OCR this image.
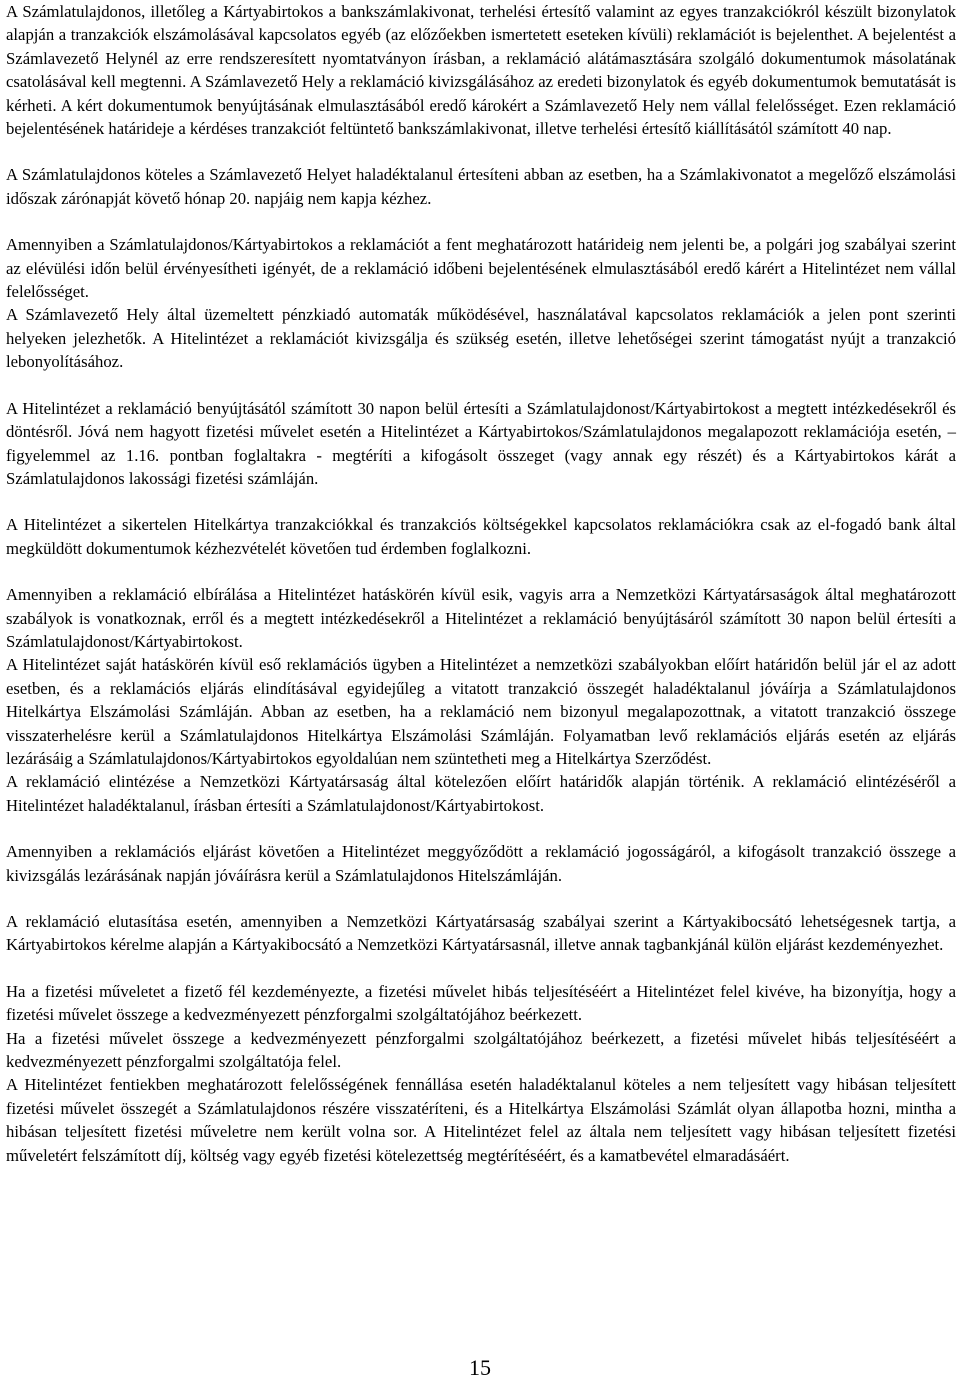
A Számlatulajdonos, illetőleg a Kártyabirtokos a bankszámlakivonat, terhelési értesítő valamint az egyes tranzakciókról készült bizonylatok alapján a tranzakciók elszámolásával kapcsolatos egyéb (az előzőekben ismertetett eseteken kívüli) reklamációt is bejelenthet. A bejelentést a Számlavezető Helynél az erre rendszeresített nyomtatványon írásban, a reklamáció alátámasztására szolgáló dokumentumok másolatának csatolásával kell megtenni. A Számlavezető Hely a reklamáció kivizsgálásához az eredeti bizonylatok és egyéb dokumentumok bemutatását is kérheti. A kért dokumentumok benyújtásának elmulasztásából eredő károkért a Számlavezető Hely nem vállal felelősséget. Ezen reklamáció bejelentésének határideje a kérdéses tranzakciót feltüntető bankszámlakivonat, illetve terhelési értesítő kiállításától számított 40 nap.

A Számlatulajdonos köteles a Számlavezető Helyet haladéktalanul értesíteni abban az esetben, ha a Számlakivonatot a megelőző elszámolási időszak zárónapját követő hónap 20. napjáig nem kapja kézhez.

Amennyiben a Számlatulajdonos/Kártyabirtokos a reklamációt a fent meghatározott határideig nem jelenti be, a polgári jog szabályai szerint az elévülési időn belül érvényesítheti igényét, de a reklamáció időbeni bejelentésének elmulasztásából eredő kárért a Hitelintézet nem vállal felelősséget.

A Számlavezető Hely által üzemeltett pénzkiadó automaták működésével, használatával kapcsolatos reklamációk a jelen pont szerinti helyeken jelezhetők. A Hitelintézet a reklamációt kivizsgálja és szükség esetén, illetve lehetőségei szerint támogatást nyújt a tranzakció lebonyolításához.

A Hitelintézet a reklamáció benyújtásától számított 30 napon belül értesíti a Számlatulajdonost/Kártyabirtokost a megtett intézkedésekről és döntésről. Jóvá nem hagyott fizetési művelet esetén a Hitelintézet a Kártyabirtokos/Számlatulajdonos megalapozott reklamációja esetén, – figyelemmel az 1.16. pontban foglaltakra - megtéríti a kifogásolt összeget (vagy annak egy részét) és a Kártyabirtokos kárát a Számlatulajdonos lakossági fizetési számláján.

A Hitelintézet a sikertelen Hitelkártya tranzakciókkal és tranzakciós költségekkel kapcsolatos reklamációkra csak az el-fogadó bank által megküldött dokumentumok kézhezvételét követően tud érdemben foglalkozni.

Amennyiben a reklamáció elbírálása a Hitelintézet hatáskörén kívül esik, vagyis arra a Nemzetközi Kártyatársaságok által meghatározott szabályok is vonatkoznak, erről és a megtett intézkedésekről a Hitelintézet a reklamáció benyújtásáról számított 30 napon belül értesíti a Számlatulajdonost/Kártyabirtokost.

A Hitelintézet saját hatáskörén kívül eső reklamációs ügyben a Hitelintézet a nemzetközi szabályokban előírt határidőn belül jár el az adott esetben, és a reklamációs eljárás elindításával egyidejűleg a vitatott tranzakció összegét haladéktalanul jóváírja a Számlatulajdonos Hitelkártya Elszámolási Számláján. Abban az esetben, ha a reklamáció nem bizonyul megalapozottnak, a vitatott tranzakció összege visszaterhelésre kerül a Számlatulajdonos Hitelkártya Elszámolási Számláján. Folyamatban levő reklamációs eljárás esetén az eljárás lezárásáig a Számlatulajdonos/Kártyabirtokos egyoldalúan nem szüntetheti meg a Hitelkártya Szerződést.

A reklamáció elintézése a Nemzetközi Kártyatársaság által kötelezően előírt határidők alapján történik. A reklamáció elintézéséről a Hitelintézet haladéktalanul, írásban értesíti a Számlatulajdonost/Kártyabirtokost.

Amennyiben a reklamációs eljárást követően a Hitelintézet meggyőződött a reklamáció jogosságáról, a kifogásolt tranzakció összege a kivizsgálás lezárásának napján jóváírásra kerül a Számlatulajdonos Hitelszámláján.

A reklamáció elutasítása esetén, amennyiben a Nemzetközi Kártyatársaság szabályai szerint a Kártyakibocsátó lehetségesnek tartja, a Kártyabirtokos kérelme alapján a Kártyakibocsátó a Nemzetközi Kártyatársasnál, illetve annak tagbankjánál külön eljárást kezdeményezhet.

Ha a fizetési műveletet a fizető fél kezdeményezte, a fizetési művelet hibás teljesítéséért a Hitelintézet felel kivéve, ha bizonyítja, hogy a fizetési művelet összege a kedvezményezett pénzforgalmi szolgáltatójához beérkezett.

Ha a fizetési művelet összege a kedvezményezett pénzforgalmi szolgáltatójához beérkezett, a fizetési művelet hibás teljesítéséért a kedvezményezett pénzforgalmi szolgáltatója felel.

A Hitelintézet fentiekben meghatározott felelősségének fennállása esetén haladéktalanul köteles a nem teljesített vagy hibásan teljesített fizetési művelet összegét a Számlatulajdonos részére visszatéríteni, és a Hitelkártya Elszámolási Számlát olyan állapotba hozni, mintha a hibásan teljesített fizetési műveletre nem került volna sor. A Hitelintézet felel az általa nem teljesített vagy hibásan teljesített fizetési műveletért felszámított díj, költség vagy egyéb fizetési kötelezettség megtérítéséért, és a kamatbevétel elmaradásáért.

15
